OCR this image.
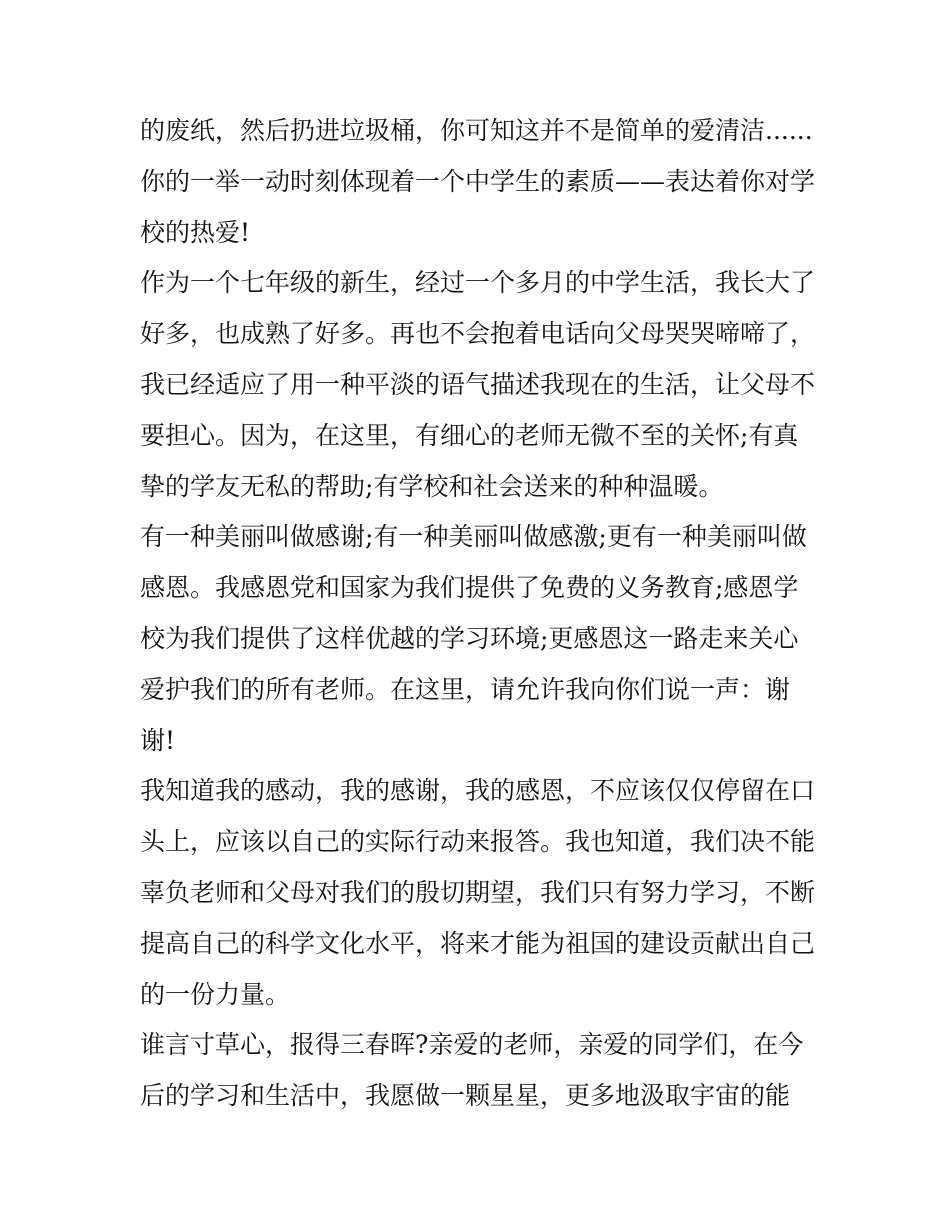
的废纸，然后扔进垃圾桶，你可知这并不是简单的爱清洁......
你的一举一动时刻体现着一个中学生的素质——表达着你对学
校的热爱!
作为一个七年级的新生，经过一个多月的中学生活，我长大了
好多，也成熟了好多。再也不会抱着电话向父母哭哭啼啼了，
我已经适应了用一种平淡的语气描述我现在的生活，让父母不
要担心。因为，在这里，有细心的老师无微不至的关怀;有真
挚的学友无私的帮助;有学校和社会送来的种种温暖。
有一种美丽叫做感谢;有一种美丽叫做感激;更有一种美丽叫做
感恩。我感恩党和国家为我们提供了免费的义务教育;感恩学
校为我们提供了这样优越的学习环境;更感恩这一路走来关心
爱护我们的所有老师。在这里，请允许我向你们说一声：谢
谢!
我知道我的感动，我的感谢，我的感恩，不应该仅仅停留在口
头上，应该以自己的实际行动来报答。我也知道，我们决不能
辜负老师和父母对我们的殷切期望，我们只有努力学习，不断
提高自己的科学文化水平，将来才能为祖国的建设贡献出自己
的一份力量。
谁言寸草心，报得三春晖?亲爱的老师，亲爱的同学们，在今
后的学习和生活中，我愿做一颗星星，更多地汲取宇宙的能
